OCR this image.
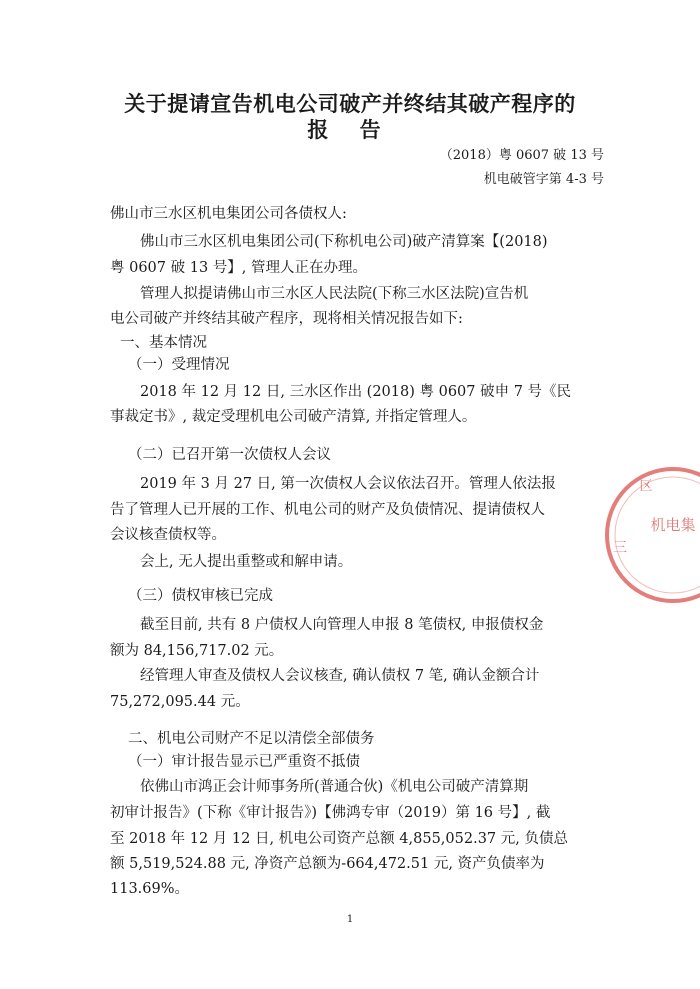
关于提请宣告机电公司破产并终结其破产程序的
报 告
（2018）粤 0607 破 13 号
机电破管字第 4-3 号
佛山市三水区机电集团公司各债权人:
佛山市三水区机电集团公司(下称机电公司)破产清算案【(2018)
粤 0607 破 13 号】, 管理人正在办理。
管理人拟提请佛山市三水区人民法院(下称三水区法院)宣告机
电公司破产并终结其破产程序，现将相关情况报告如下:
一、基本情况
（一）受理情况
2018 年 12 月 12 日, 三水区作出 (2018) 粤 0607 破申 7 号《民
事裁定书》, 裁定受理机电公司破产清算, 并指定管理人。
（二）已召开第一次债权人会议
2019 年 3 月 27 日, 第一次债权人会议依法召开。管理人依法报
告了管理人已开展的工作、机电公司的财产及负债情况、提请债权人
会议核查债权等。
会上, 无人提出重整或和解申请。
（三）债权审核已完成
截至目前, 共有 8 户债权人向管理人申报 8 笔债权, 申报债权金
额为 84,156,717.02 元。
经管理人审查及债权人会议核查, 确认债权 7 笔, 确认金额合计
75,272,095.44 元。
二、机电公司财产不足以清偿全部债务
（一）审计报告显示已严重资不抵债
依佛山市鸿正会计师事务所(普通合伙)《机电公司破产清算期
初审计报告》(下称《审计报告》)【佛鸿专审（2019）第 16 号】, 截
至 2018 年 12 月 12 日, 机电公司资产总额 4,855,052.37 元, 负债总
额 5,519,524.88 元, 净资产总额为-664,472.51 元, 资产负债率为
113.69%。
1
机电集
三
区
